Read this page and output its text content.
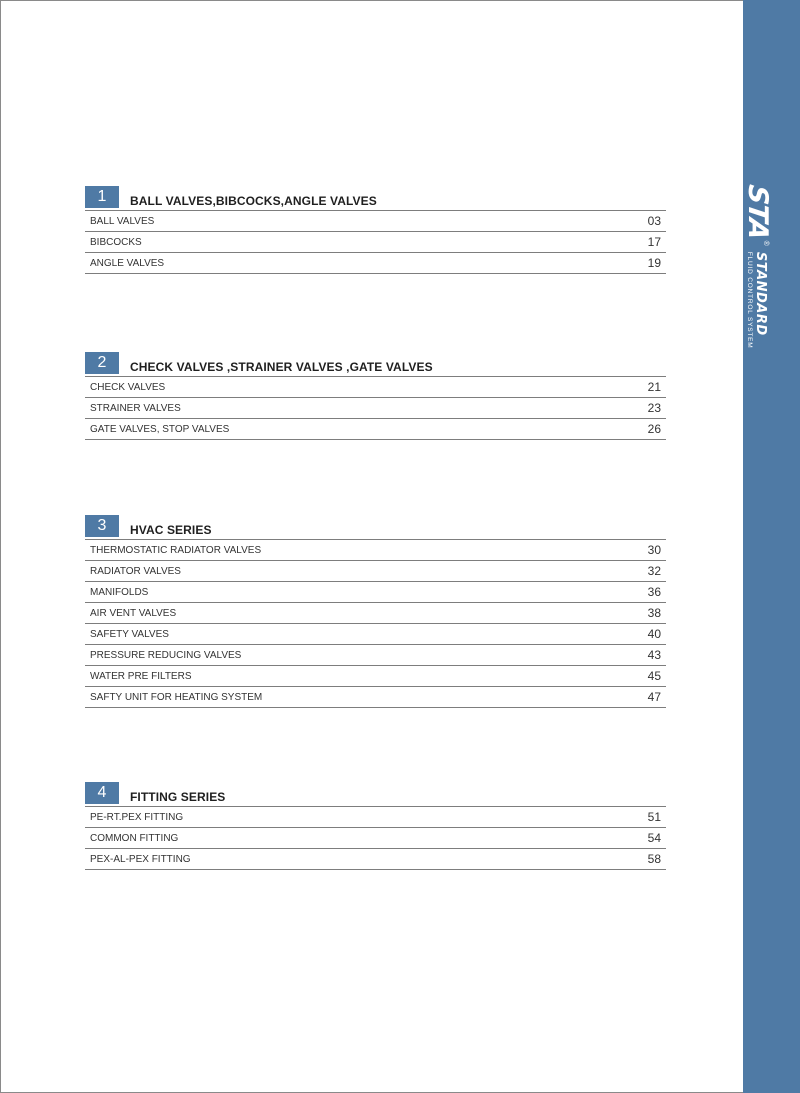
STA
®
STANDARD
FLUID CONTROL SYSTEM
1	BALL VALVES,BIBCOCKS,ANGLE VALVES
BALL VALVES	03
BIBCOCKS	17
ANGLE VALVES	19
2	CHECK VALVES ,STRAINER VALVES ,GATE VALVES
CHECK VALVES	21
STRAINER VALVES	23
GATE VALVES, STOP VALVES	26
3	HVAC SERIES
THERMOSTATIC RADIATOR VALVES	30
RADIATOR VALVES	32
MANIFOLDS	36
AIR VENT VALVES	38
SAFETY VALVES	40
PRESSURE REDUCING VALVES	43
WATER PRE FILTERS	45
SAFTY UNIT FOR HEATING SYSTEM	47
4	FITTING SERIES
PE-RT.PEX FITTING	51
COMMON FITTING	54
PEX-AL-PEX FITTING	58
